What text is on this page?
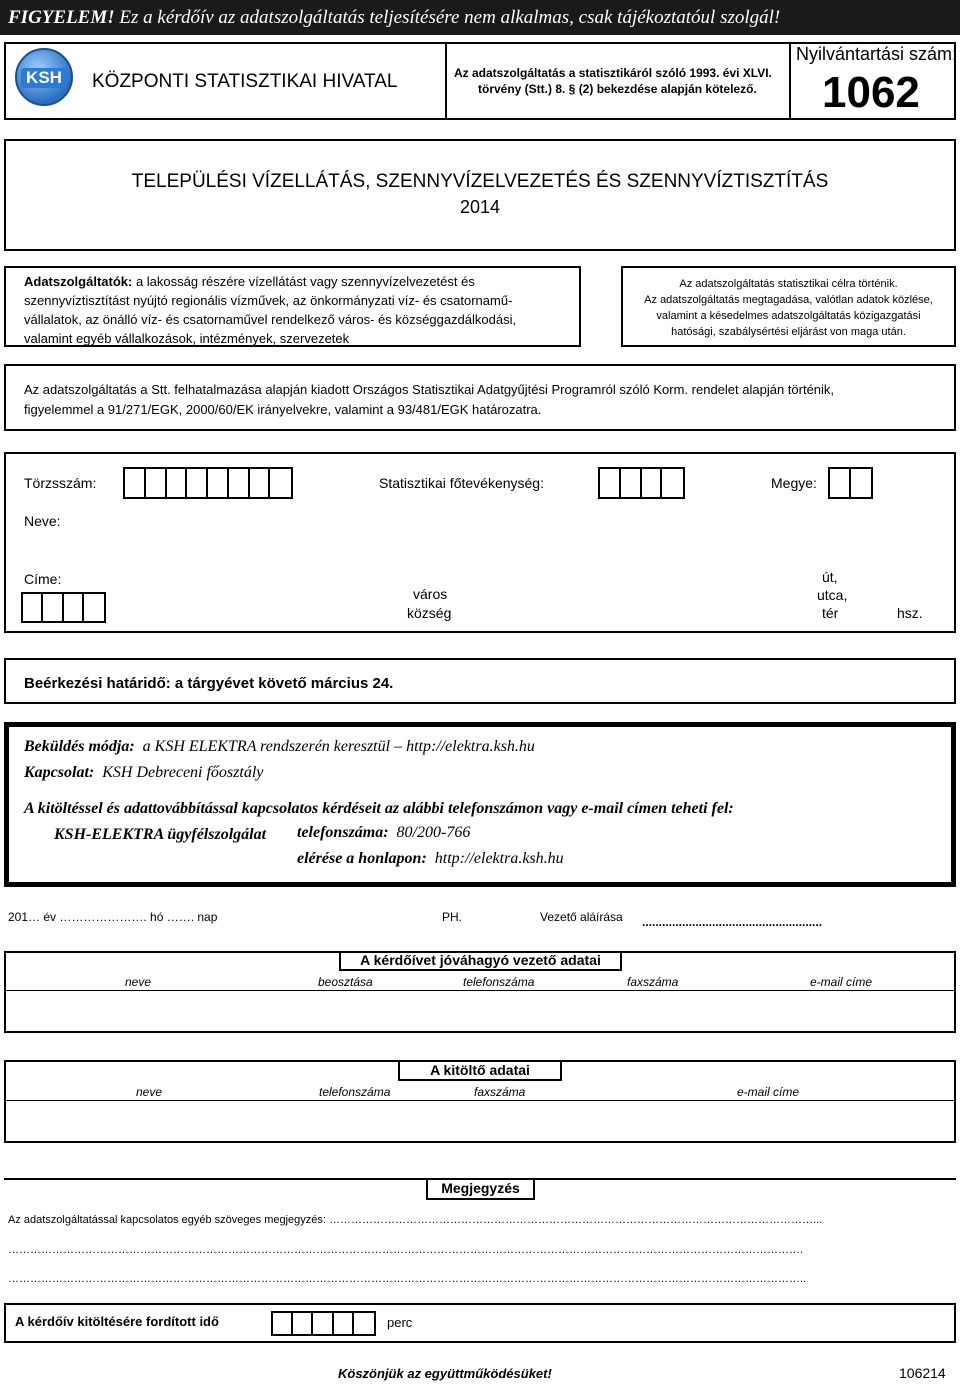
FIGYELEM! Ez a kérdőív az adatszolgáltatás teljesítésére nem alkalmas, csak tájékoztatóul szolgál!
KSH KÖZPONTI STATISZTIKAI HIVATAL	Az adatszolgáltatás a statisztikáról szóló 1993. évi XLVI.
törvény (Stt.) 8. § (2) bekezdése alapján kötelező.
Nyilvántartási szám:
1062
TELEPÜLÉSI VÍZELLÁTÁS, SZENNYVÍZELVEZETÉS ÉS SZENNYVÍZTISZTÍTÁS
2014
Adatszolgáltatók: a lakosság részére vízellátást vagy szennyvízelvezetést és
szennyvíztisztítást nyújtó regionális vízművek, az önkormányzati víz- és csatornamű-
vállalatok, az önálló víz- és csatornaművel rendelkező város- és községgazdálkodási,
valamint egyéb vállalkozások, intézmények, szervezetek
Az adatszolgáltatás statisztikai célra történik.
Az adatszolgáltatás megtagadása, valótlan adatok közlése,
valamint a késedelmes adatszolgáltatás közigazgatási
hatósági, szabálysértési eljárást von maga után.
Az adatszolgáltatás a Stt. felhatalmazása alapján kiadott Országos Statisztikai Adatgyűjtési Programról szóló Korm. rendelet alapján történik,
figyelemmel a 91/271/EGK, 2000/60/EK irányelvekre, valamint a 93/481/EGK határozatra.
Törzsszám:	Statisztikai főtevékenység:	Megye:
Neve:
Címe:
város
község
út,
utca,
tér	hsz.
Beérkezési határidő: a tárgyévet követő március 24.
Beküldés módja: a KSH ELEKTRA rendszerén keresztül – http://elektra.ksh.hu
Kapcsolat: KSH Debreceni főosztály
A kitöltéssel és adattovábbítással kapcsolatos kérdéseit az alábbi telefonszámon vagy e-mail címen teheti fel:
KSH-ELEKTRA ügyfélszolgálat telefonszáma: 80/200-766
elérése a honlapon: http://elektra.ksh.hu
201… év …………………. hó ……. nap	PH.	Vezető aláírása ......................................................
A kérdőívet jóváhagyó vezető adatai
neve	beosztása	telefonszáma	faxszáma	e-mail címe
A kitöltő adatai
neve	telefonszáma	faxszáma	e-mail címe
Megjegyzés
Az adatszolgáltatással kapcsolatos egyéb szöveges megjegyzés: ……………………………………………………………………………………………………………………...
……………………………………………………………………………………………………………………………………………………………………………………………….
………………………………………………………………………………………………………………………………………………………………………………………………..
A kérdőív kitöltésére fordított idő	perc
Köszönjük az együttműködésüket!	106214
